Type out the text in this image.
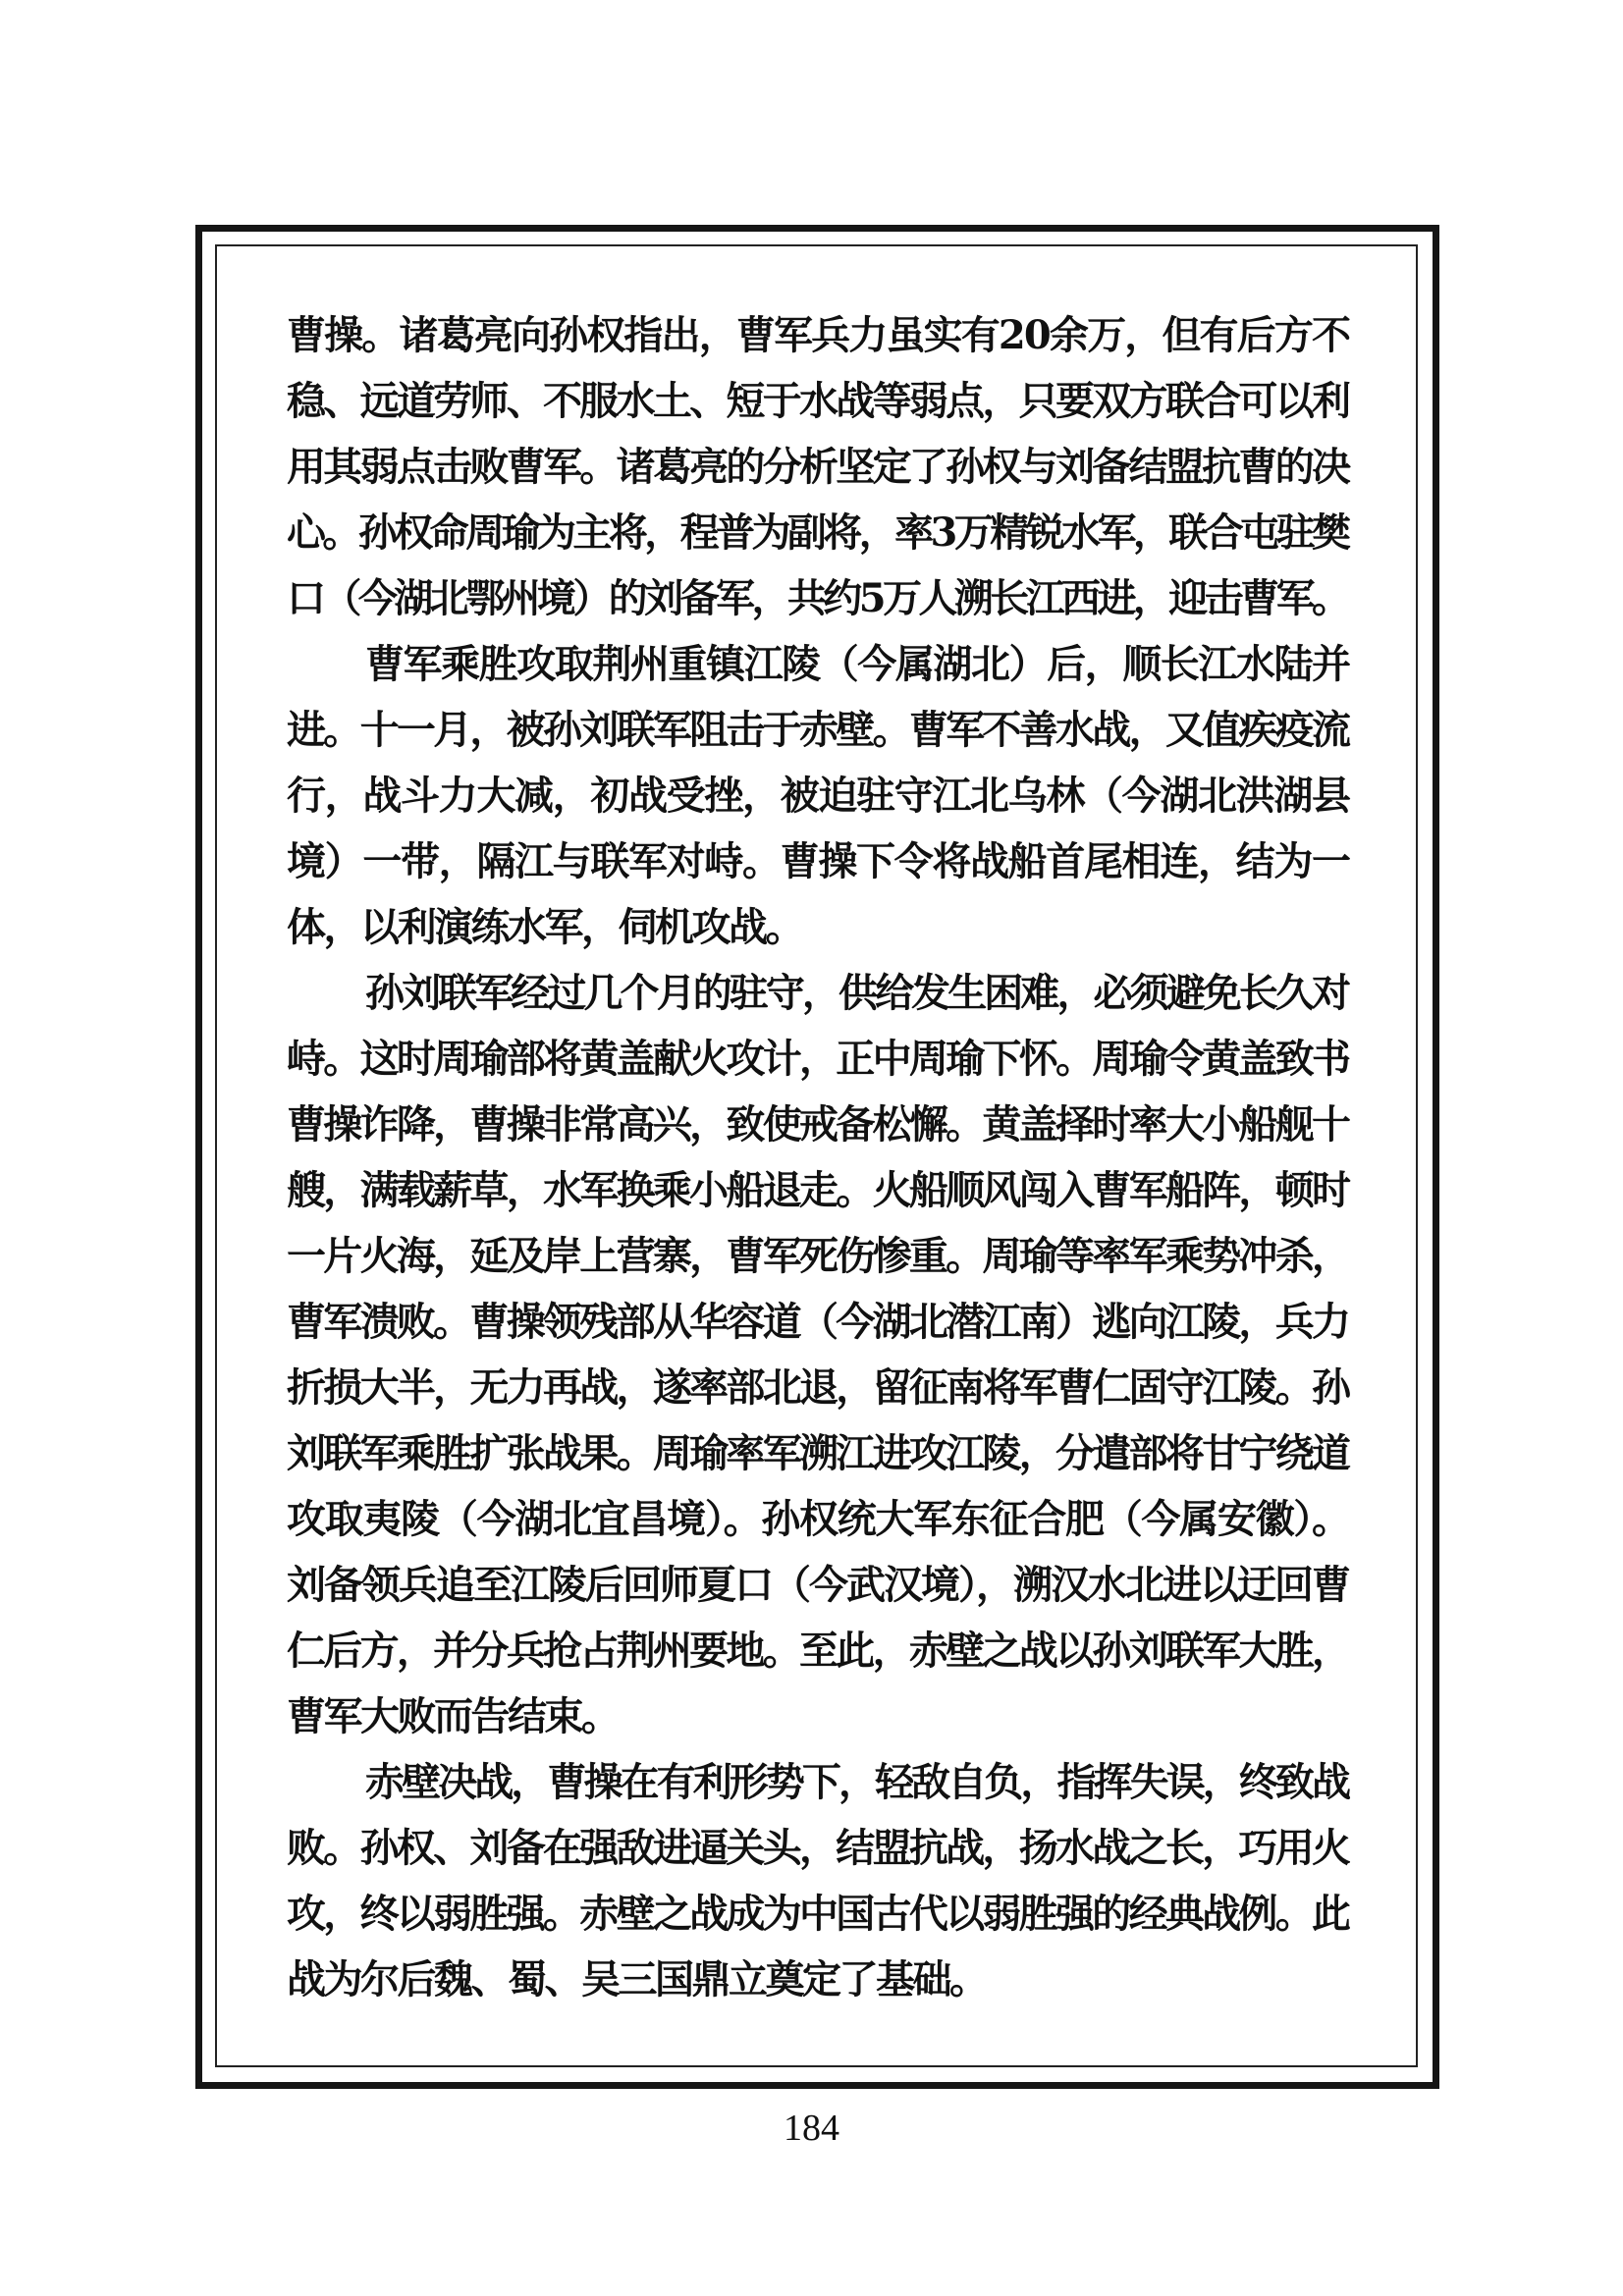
曹操。诸葛亮向孙权指出，曹军兵力虽实有20余万，但有后方不
稳、远道劳师、不服水土、短于水战等弱点，只要双方联合可以利
用其弱点击败曹军。诸葛亮的分析坚定了孙权与刘备结盟抗曹的决
心。孙权命周瑜为主将，程普为副将，率3万精锐水军，联合屯驻樊
口（今湖北鄂州境）的刘备军，共约5万人溯长江西进，迎击曹军。
曹军乘胜攻取荆州重镇江陵（今属湖北）后，顺长江水陆并
进。十一月，被孙刘联军阻击于赤壁。曹军不善水战，又值疾疫流
行，战斗力大减，初战受挫，被迫驻守江北乌林（今湖北洪湖县
境）一带，隔江与联军对峙。曹操下令将战船首尾相连，结为一
体，以利演练水军，伺机攻战。
孙刘联军经过几个月的驻守，供给发生困难，必须避免长久对
峙。这时周瑜部将黄盖献火攻计，正中周瑜下怀。周瑜令黄盖致书
曹操诈降，曹操非常高兴，致使戒备松懈。黄盖择时率大小船舰十
艘，满载薪草，水军换乘小船退走。火船顺风闯入曹军船阵，顿时
一片火海，延及岸上营寨，曹军死伤惨重。周瑜等率军乘势冲杀，
曹军溃败。曹操领残部从华容道（今湖北潜江南）逃向江陵，兵力
折损大半，无力再战，遂率部北退，留征南将军曹仁固守江陵。孙
刘联军乘胜扩张战果。周瑜率军溯江进攻江陵，分遣部将甘宁绕道
攻取夷陵（今湖北宜昌境）。孙权统大军东征合肥（今属安徽）。
刘备领兵追至江陵后回师夏口（今武汉境），溯汉水北进以迂回曹
仁后方，并分兵抢占荆州要地。至此，赤壁之战以孙刘联军大胜，
曹军大败而告结束。
赤壁决战，曹操在有利形势下，轻敌自负，指挥失误，终致战
败。孙权、刘备在强敌进逼关头，结盟抗战，扬水战之长，巧用火
攻，终以弱胜强。赤壁之战成为中国古代以弱胜强的经典战例。此
战为尔后魏、蜀、吴三国鼎立奠定了基础。
184
